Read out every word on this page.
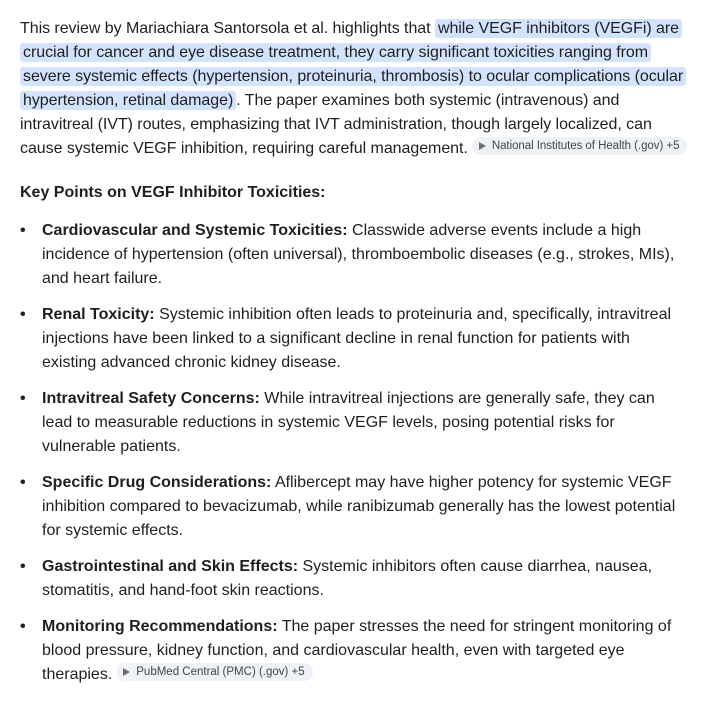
This review by Mariachiara Santorsola et al. highlights that while VEGF inhibitors (VEGFi) are crucial for cancer and eye disease treatment, they carry significant toxicities ranging from severe systemic effects (hypertension, proteinuria, thrombosis) to ocular complications (ocular hypertension, retinal damage) . The paper examines both systemic (intravenous) and intravitreal (IVT) routes, emphasizing that IVT administration, though largely localized, can cause systemic VEGF inhibition, requiring careful management. National Institutes of Health (.gov) +5

Key Points on VEGF Inhibitor Toxicities:
• Cardiovascular and Systemic Toxicities: Classwide adverse events include a high incidence of hypertension (often universal), thromboembolic diseases (e.g., strokes, MIs), and heart failure.
• Renal Toxicity: Systemic inhibition often leads to proteinuria and, specifically, intravitreal injections have been linked to a significant decline in renal function for patients with existing advanced chronic kidney disease.
• Intravitreal Safety Concerns: While intravitreal injections are generally safe, they can lead to measurable reductions in systemic VEGF levels, posing potential risks for vulnerable patients.
• Specific Drug Considerations: Aflibercept may have higher potency for systemic VEGF inhibition compared to bevacizumab, while ranibizumab generally has the lowest potential for systemic effects.
• Gastrointestinal and Skin Effects: Systemic inhibitors often cause diarrhea, nausea, stomatitis, and hand-foot skin reactions.
• Monitoring Recommendations: The paper stresses the need for stringent monitoring of blood pressure, kidney function, and cardiovascular health, even with targeted eye therapies. PubMed Central (PMC) (.gov) +5
